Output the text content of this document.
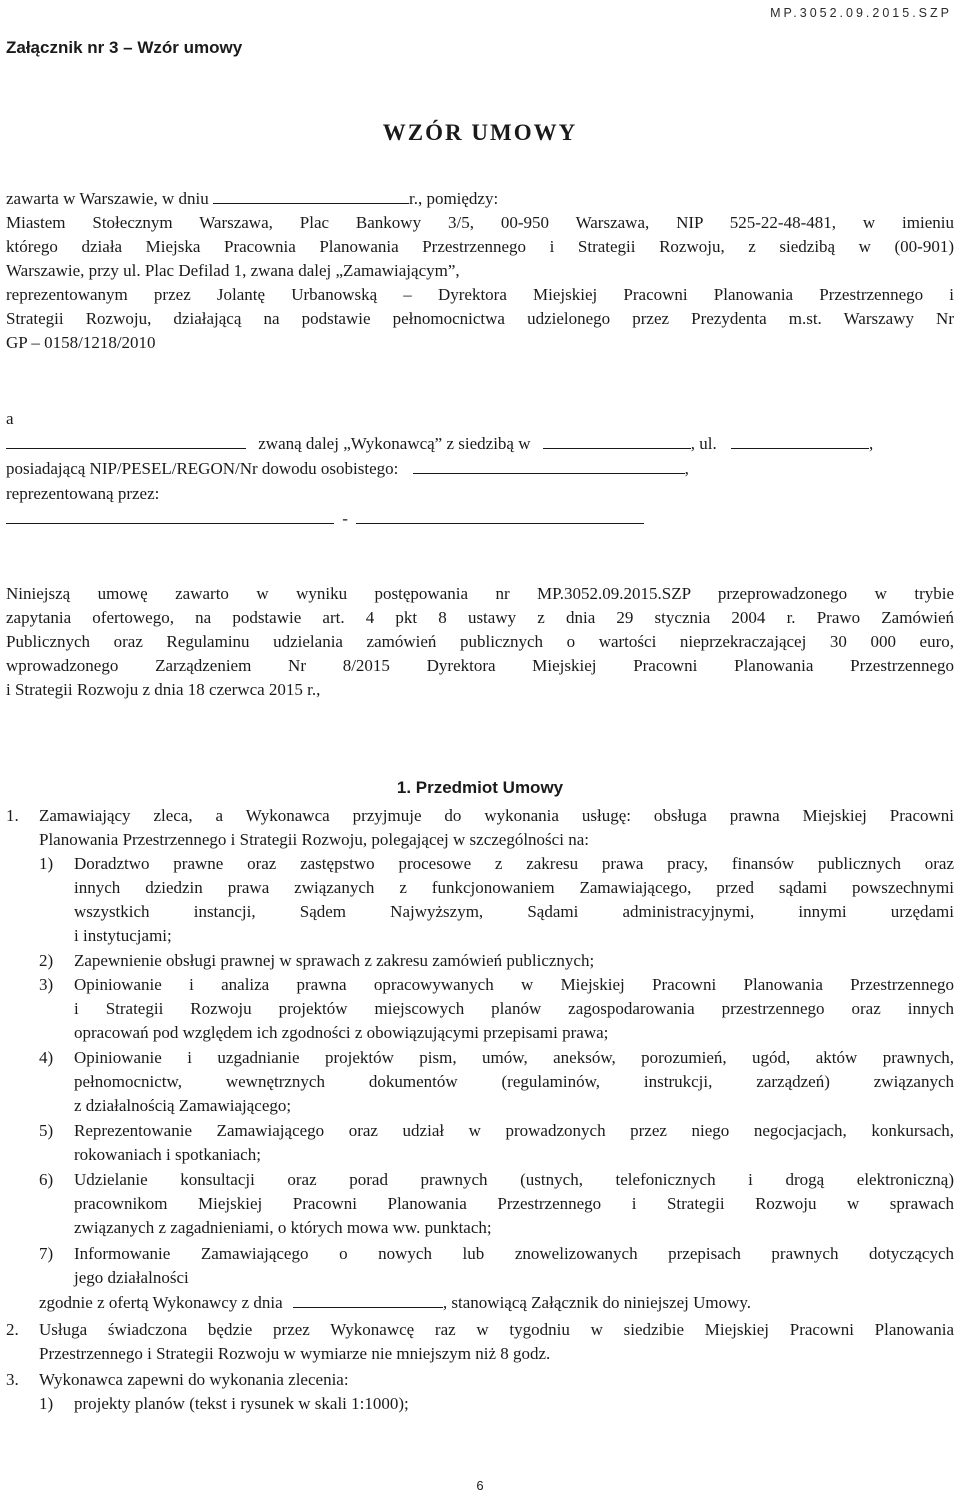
MP.3052.09.2015.SZP
Załącznik nr 3 – Wzór umowy
WZÓR UMOWY
zawarta w Warszawie, w dniu	r., pomiędzy:
Miastem Stołecznym Warszawa, Plac Bankowy 3/5, 00-950 Warszawa, NIP 525-22-48-481, w imieniu
którego działa Miejska Pracownia Planowania Przestrzennego i Strategii Rozwoju, z siedzibą w (00-901)
Warszawie, przy ul. Plac Defilad 1, zwana dalej „Zamawiającym”,
reprezentowanym przez Jolantę Urbanowską – Dyrektora Miejskiej Pracowni Planowania Przestrzennego i
Strategii Rozwoju, działającą na podstawie pełnomocnictwa udzielonego przez Prezydenta m.st. Warszawy Nr
GP – 0158/1218/2010
a
zwaną dalej „Wykonawcą” z siedzibą w	, ul.	,
posiadającą NIP/PESEL/REGON/Nr dowodu osobistego:	,
reprezentowaną przez:
-
Niniejszą umowę zawarto w wyniku postępowania nr MP.3052.09.2015.SZP przeprowadzonego w trybie
zapytania ofertowego, na podstawie art. 4 pkt 8 ustawy z dnia 29 stycznia 2004 r. Prawo Zamówień
Publicznych oraz Regulaminu udzielania zamówień publicznych o wartości nieprzekraczającej 30 000 euro,
wprowadzonego Zarządzeniem Nr 8/2015 Dyrektora Miejskiej Pracowni Planowania Przestrzennego
i Strategii Rozwoju z dnia 18 czerwca 2015 r.,
1. Przedmiot Umowy
1. Zamawiający zleca, a Wykonawca przyjmuje do wykonania usługę: obsługa prawna Miejskiej Pracowni
Planowania Przestrzennego i Strategii Rozwoju, polegającej w szczególności na:
1) Doradztwo prawne oraz zastępstwo procesowe z zakresu prawa pracy, finansów publicznych oraz
innych dziedzin prawa związanych z funkcjonowaniem Zamawiającego, przed sądami powszechnymi
wszystkich instancji, Sądem Najwyższym, Sądami administracyjnymi, innymi urzędami
i instytucjami;
2) Zapewnienie obsługi prawnej w sprawach z zakresu zamówień publicznych;
3) Opiniowanie i analiza prawna opracowywanych w Miejskiej Pracowni Planowania Przestrzennego
i Strategii Rozwoju projektów miejscowych planów zagospodarowania przestrzennego oraz innych
opracowań pod względem ich zgodności z obowiązującymi przepisami prawa;
4) Opiniowanie i uzgadnianie projektów pism, umów, aneksów, porozumień, ugód, aktów prawnych,
pełnomocnictw, wewnętrznych dokumentów (regulaminów, instrukcji, zarządzeń) związanych
z działalnością Zamawiającego;
5) Reprezentowanie Zamawiającego oraz udział w prowadzonych przez niego negocjacjach, konkursach,
rokowaniach i spotkaniach;
6) Udzielanie konsultacji oraz porad prawnych (ustnych, telefonicznych i drogą elektroniczną)
pracownikom Miejskiej Pracowni Planowania Przestrzennego i Strategii Rozwoju w sprawach
związanych z zagadnieniami, o których mowa ww. punktach;
7) Informowanie Zamawiającego o nowych lub znowelizowanych przepisach prawnych dotyczących
jego działalności
zgodnie z ofertą Wykonawcy z dnia	, stanowiącą Załącznik do niniejszej Umowy.
2. Usługa świadczona będzie przez Wykonawcę raz w tygodniu w siedzibie Miejskiej Pracowni Planowania
Przestrzennego i Strategii Rozwoju w wymiarze nie mniejszym niż 8 godz.
3. Wykonawca zapewni do wykonania zlecenia:
1) projekty planów (tekst i rysunek w skali 1:1000);
6
